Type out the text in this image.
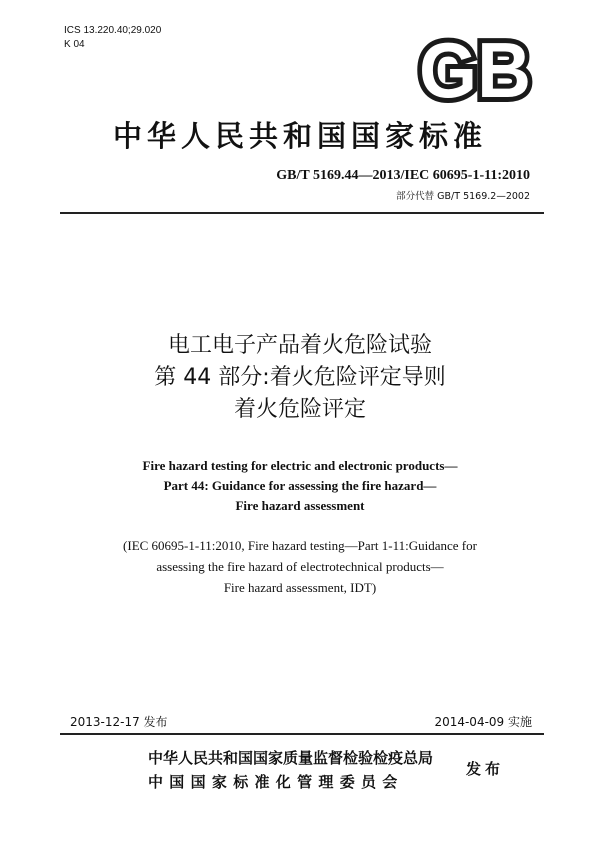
ICS 13.220.40;29.020
K 04	GB
中华人民共和国国家标准
GB/T 5169.44—2013/IEC 60695-1-11:2010
部分代替 GB/T 5169.2—2002
电工电子产品着火危险试验
第 44 部分:着火危险评定导则
着火危险评定
Fire hazard testing for electric and electronic products—
Part 44: Guidance for assessing the fire hazard—
Fire hazard assessment
(IEC 60695-1-11:2010, Fire hazard testing—Part 1-11:Guidance for
assessing the fire hazard of electrotechnical products—
Fire hazard assessment, IDT)
2013-12-17 发布	2014-04-09 实施
中华人民共和国国家质量监督检验检疫总局
中国国家标准化管理委员会
发布
